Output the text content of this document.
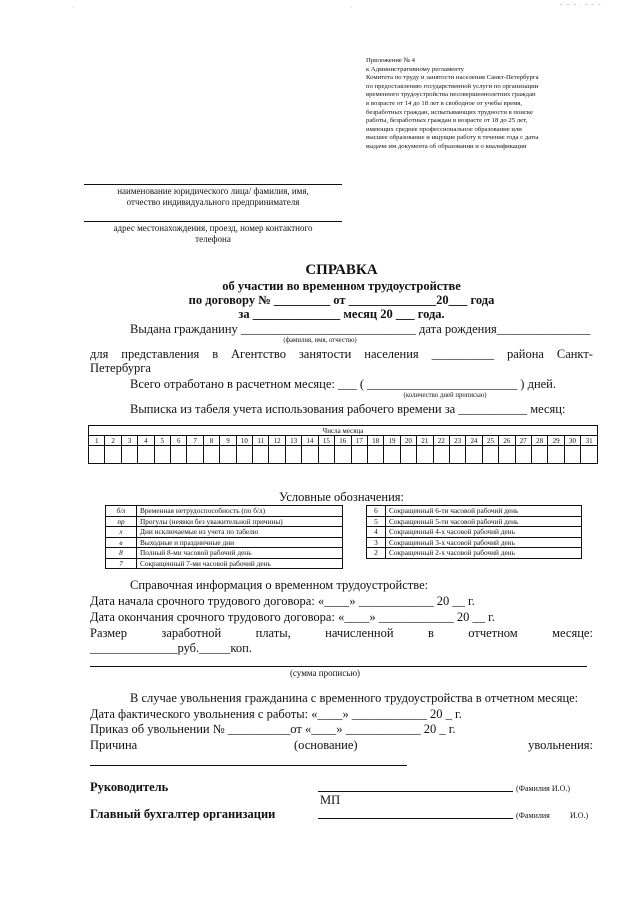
– – – . – – –
·	·
Приложение № 4
к Административному регламенту
Комитета по труду и занятости населения Санкт-Петербурга
по предоставлению государственной услуги по организации
временного трудоустройства несовершеннолетних граждан
в возрасте от 14 до 18 лет в свободное от учебы время,
безработных граждан, испытывающих трудности в поиске
работы, безработных граждан в возрасте от 18 до 25 лет,
имеющих среднее профессиональное образование или
высшее образование и ищущие работу в течение года с даты
выдачи им документа об образовании и о квалификации
наименование юридического лица/ фамилия, имя,
отчество индивидуального предпринимателя
адрес местонахождения, проезд, номер контактного
телефона
СПРАВКА
об участии во временном трудоустройстве
по договору № _________ от ______________20___ года
за ______________ месяц 20 ___ года.
Выдана гражданину ____________________________ дата рождения_______________
(фамилия, имя, отчество)
для представления в Агентство занятости населения __________ района Санкт-
Петербурга
Всего отработано в расчетном месяце: ___ ( ________________________ ) дней.
(количество дней прописью)
Выписка из табеля учета использования рабочего времени за ___________ месяц:
Числа месяца																														
1	2	3	4	5	6	7	8	9	10	11	12	13	14	15	16	17	18	19	20	21	22	23	24	25	26	27	28	29	30	31

Условные обозначения:
б/л	Временная нетрудоспособность (по б/л)
пр	Прогулы (неявки без уважительной причины)
х	Дни исключаемые из учета по табелю
в	Выходные и праздничные дни
8	Полный 8-ми часовой рабочий день
7	Сокращенный 7-ми часовой рабочий день
6	Сокращенный 6-ти часовой рабочий день
5	Сокращенный 5-ти часовой рабочий день
4	Сокращенный 4-х часовой рабочий день
3	Сокращенный 3-х часовой рабочий день
2	Сокращенный 2-х часовой рабочий день
Справочная информация о временном трудоустройстве:
Дата начала срочного трудового договора: «____» ____________ 20 __ г.
Дата окончания срочного трудового договора: «____» ____________ 20 __ г.
Размер	заработной	платы,	начисленной	в	отчетном	месяце:
______________руб._____коп.
(сумма прописью)
В случае увольнения гражданина с временного трудоустройства в отчетном месяце:
Дата фактического увольнения с работы: «____» ____________ 20 _ г.
Приказ об увольнении № __________от «____» ____________ 20 _ г.
Причина	(основание)	увольнения:
Руководитель	(Фамилия И.О.)
МП
Главный бухгалтер организации	(Фамилия	И.О.)
